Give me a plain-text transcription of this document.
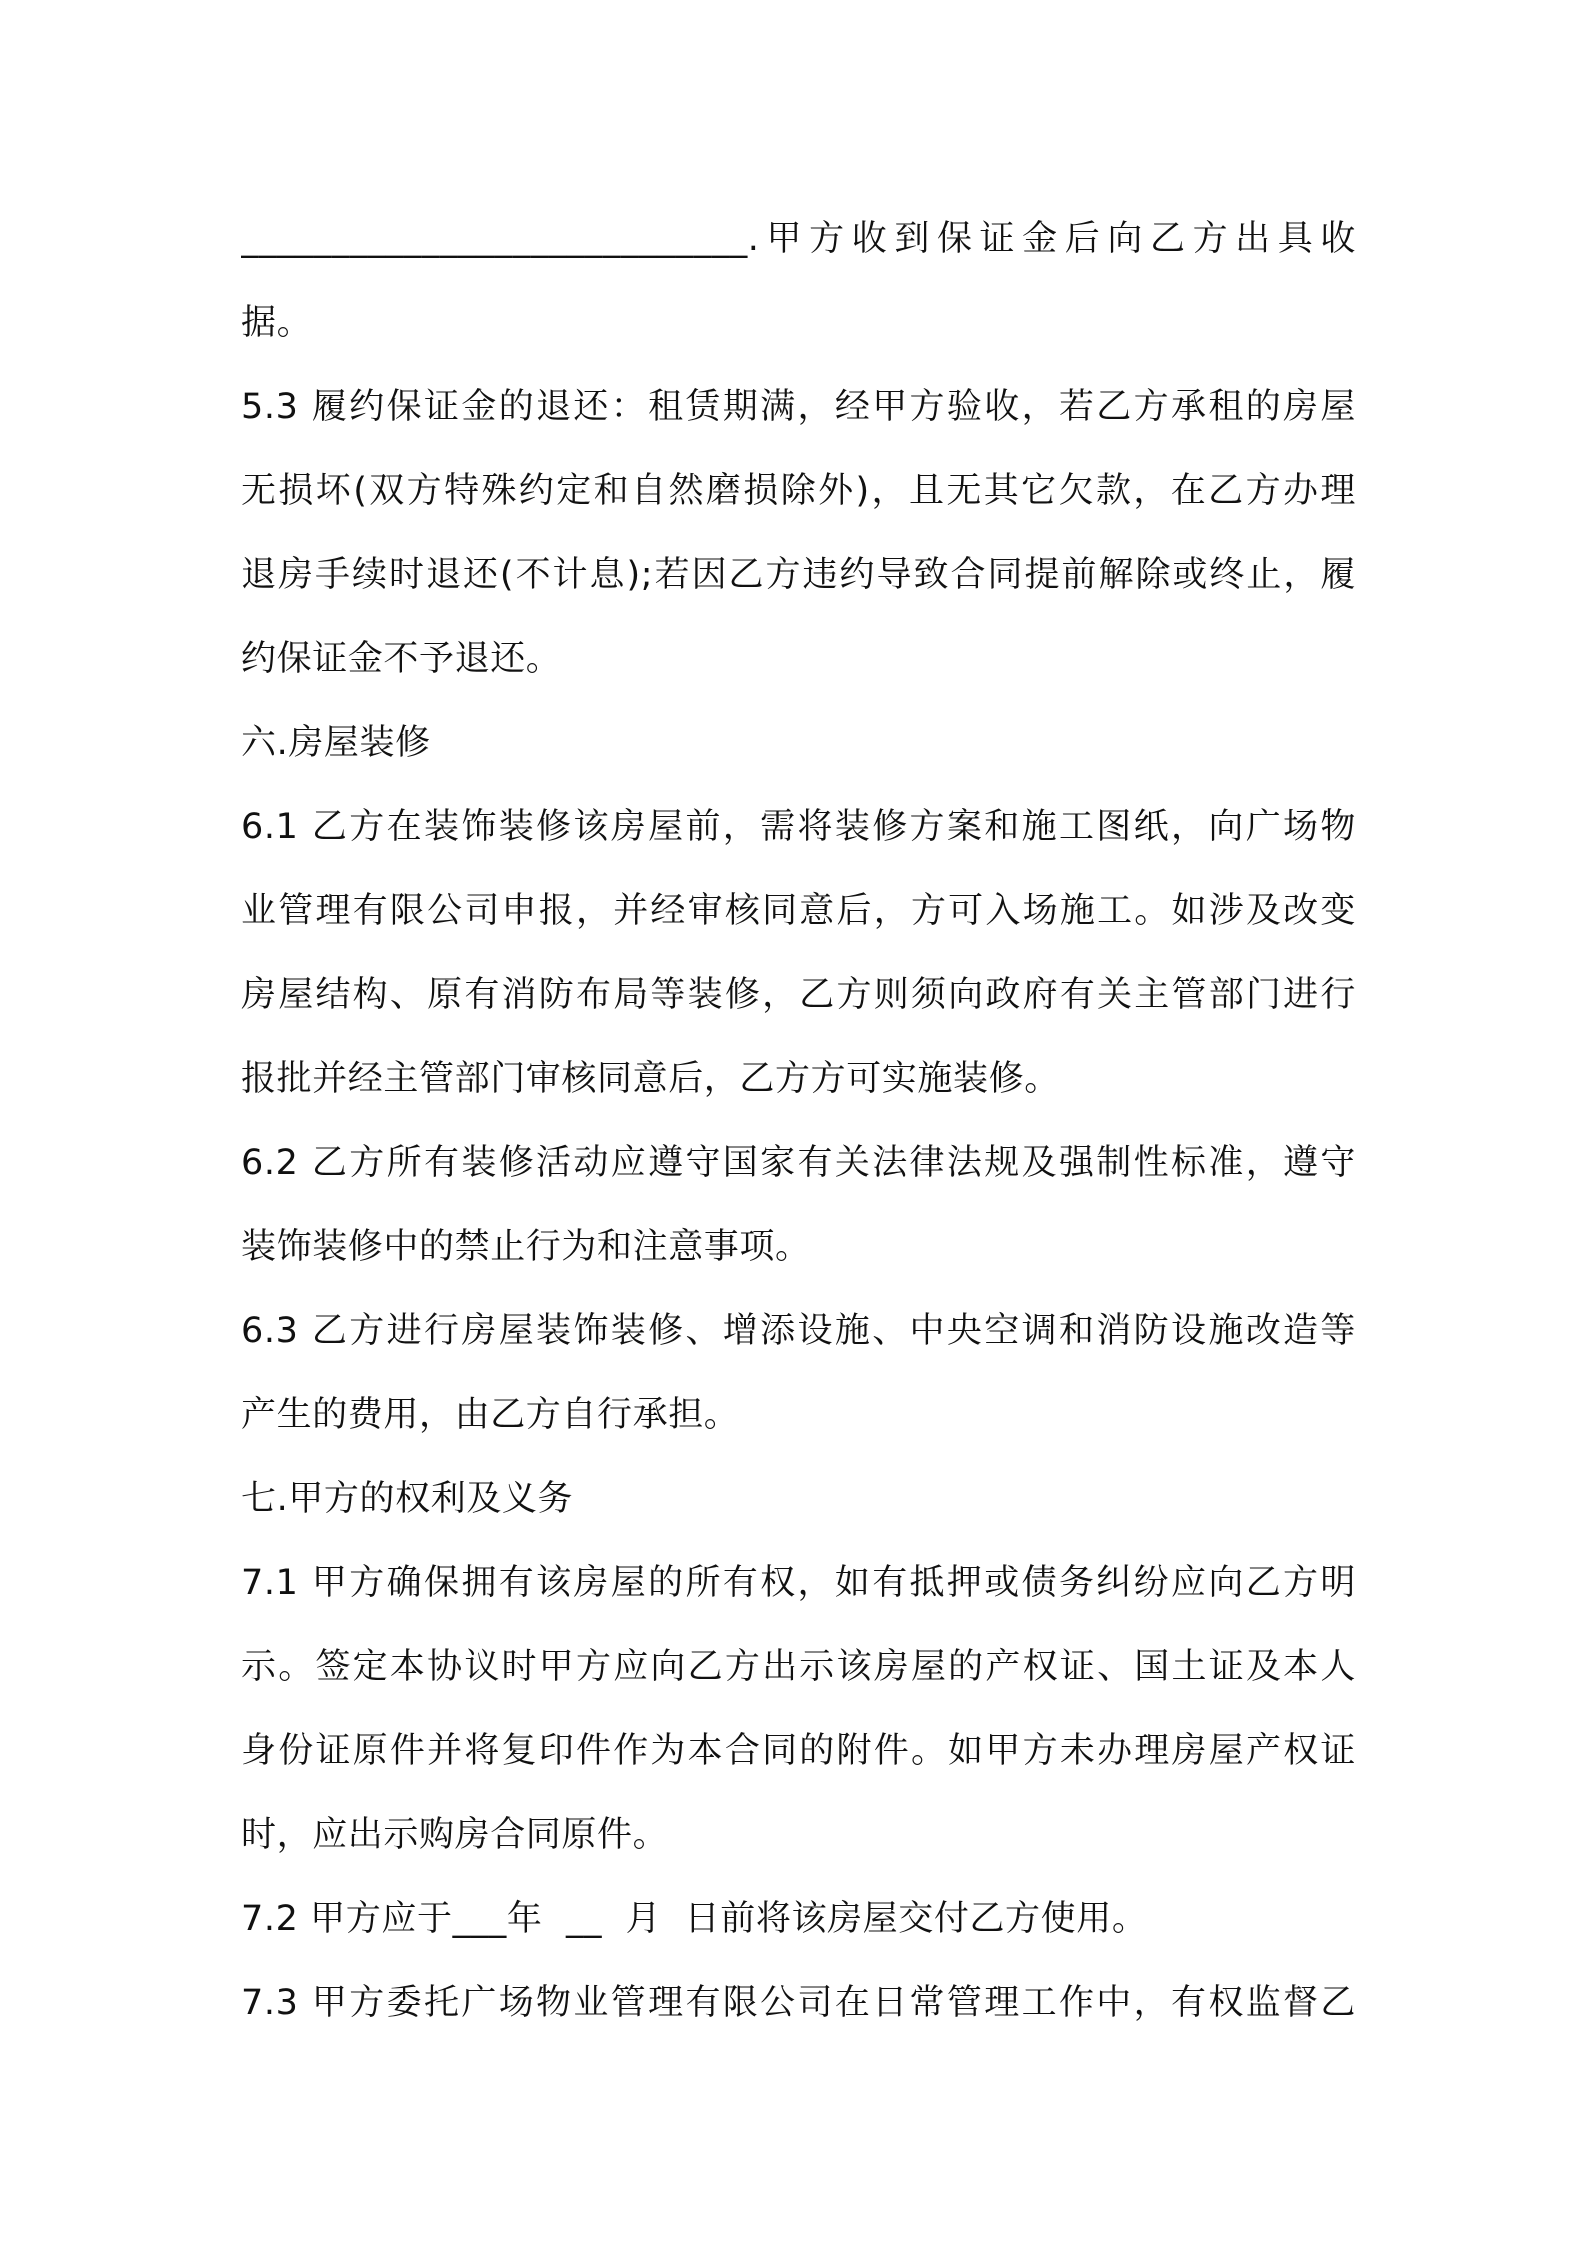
____________________________.甲方收到保证金后向乙方出具收
据。
5.3 履约保证金的退还：租赁期满，经甲方验收，若乙方承租的房屋
无损坏(双方特殊约定和自然磨损除外)，且无其它欠款，在乙方办理
退房手续时退还(不计息);若因乙方违约导致合同提前解除或终止，履
约保证金不予退还。
六.房屋装修
6.1 乙方在装饰装修该房屋前，需将装修方案和施工图纸，向广场物
业管理有限公司申报，并经审核同意后，方可入场施工。如涉及改变
房屋结构、原有消防布局等装修，乙方则须向政府有关主管部门进行
报批并经主管部门审核同意后，乙方方可实施装修。
6.2 乙方所有装修活动应遵守国家有关法律法规及强制性标准，遵守
装饰装修中的禁止行为和注意事项。
6.3 乙方进行房屋装饰装修、增添设施、中央空调和消防设施改造等
产生的费用，由乙方自行承担。
七.甲方的权利及义务
7.1 甲方确保拥有该房屋的所有权，如有抵押或债务纠纷应向乙方明
示。签定本协议时甲方应向乙方出示该房屋的产权证、国土证及本人
身份证原件并将复印件作为本合同的附件。如甲方未办理房屋产权证
时，应出示购房合同原件。
7.2 甲方应于___年  __  月  日前将该房屋交付乙方使用。
7.3 甲方委托广场物业管理有限公司在日常管理工作中，有权监督乙
